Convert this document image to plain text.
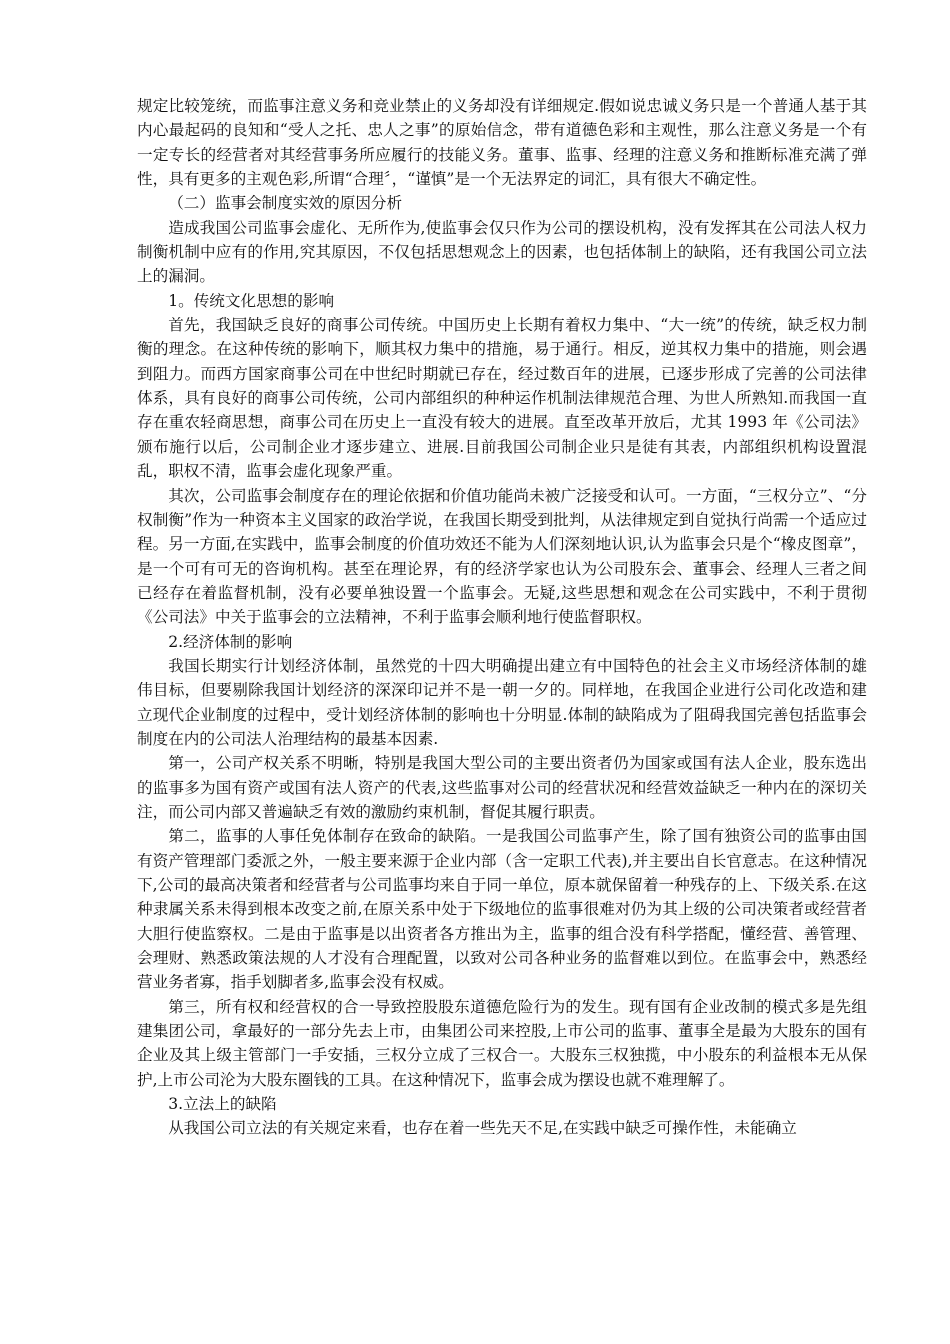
规定比较笼统，而监事注意义务和竞业禁止的义务却没有详细规定.假如说忠诚义务只是一个普通人基于其内心最起码的良知和“受人之托、忠人之事”的原始信念，带有道德色彩和主观性，那么注意义务是一个有一定专长的经营者对其经营事务所应履行的技能义务。董事、监事、经理的注意义务和推断标准充满了弹性，具有更多的主观色彩,所谓“合理〞，“谨慎”是一个无法界定的词汇，具有很大不确定性。

（二）监事会制度实效的原因分析

造成我国公司监事会虚化、无所作为,使监事会仅只作为公司的摆设机构，没有发挥其在公司法人权力制衡机制中应有的作用,究其原因，不仅包括思想观念上的因素，也包括体制上的缺陷，还有我国公司立法上的漏洞。

1。传统文化思想的影响

首先，我国缺乏良好的商事公司传统。中国历史上长期有着权力集中、“大一统”的传统，缺乏权力制衡的理念。在这种传统的影响下，顺其权力集中的措施，易于通行。相反，逆其权力集中的措施，则会遇到阻力。而西方国家商事公司在中世纪时期就已存在，经过数百年的进展，已逐步形成了完善的公司法律体系，具有良好的商事公司传统，公司内部组织的种种运作机制法律规范合理、为世人所熟知.而我国一直存在重农轻商思想，商事公司在历史上一直没有较大的进展。直至改革开放后，尤其 1993 年《公司法》颁布施行以后，公司制企业才逐步建立、进展.目前我国公司制企业只是徒有其表，内部组织机构设置混乱，职权不清，监事会虚化现象严重。

其次，公司监事会制度存在的理论依据和价值功能尚未被广泛接受和认可。一方面，“三权分立”、“分权制衡”作为一种资本主义国家的政治学说，在我国长期受到批判，从法律规定到自觉执行尚需一个适应过程。另一方面,在实践中，监事会制度的价值功效还不能为人们深刻地认识,认为监事会只是个“橡皮图章”，是一个可有可无的咨询机构。甚至在理论界，有的经济学家也认为公司股东会、董事会、经理人三者之间已经存在着监督机制，没有必要单独设置一个监事会。无疑,这些思想和观念在公司实践中，不利于贯彻《公司法》中关于监事会的立法精神，不利于监事会顺利地行使监督职权。

2.经济体制的影响

我国长期实行计划经济体制，虽然党的十四大明确提出建立有中国特色的社会主义市场经济体制的雄伟目标，但要剔除我国计划经济的深深印记并不是一朝一夕的。同样地，在我国企业进行公司化改造和建立现代企业制度的过程中，受计划经济体制的影响也十分明显.体制的缺陷成为了阻碍我国完善包括监事会制度在内的公司法人治理结构的最基本因素.

第一，公司产权关系不明晰，特别是我国大型公司的主要出资者仍为国家或国有法人企业，股东选出的监事多为国有资产或国有法人资产的代表,这些监事对公司的经营状况和经营效益缺乏一种内在的深切关注，而公司内部又普遍缺乏有效的激励约束机制，督促其履行职责。

第二，监事的人事任免体制存在致命的缺陷。一是我国公司监事产生，除了国有独资公司的监事由国有资产管理部门委派之外，一般主要来源于企业内部（含一定职工代表),并主要出自长官意志。在这种情况下,公司的最高决策者和经营者与公司监事均来自于同一单位，原本就保留着一种残存的上、下级关系.在这种隶属关系未得到根本改变之前,在原关系中处于下级地位的监事很难对仍为其上级的公司决策者或经营者大胆行使监察权。二是由于监事是以出资者各方推出为主，监事的组合没有科学搭配，懂经营、善管理、会理财、熟悉政策法规的人才没有合理配置，以致对公司各种业务的监督难以到位。在监事会中，熟悉经营业务者寡，指手划脚者多,监事会没有权威。

第三，所有权和经营权的合一导致控股股东道德危险行为的发生。现有国有企业改制的模式多是先组建集团公司，拿最好的一部分先去上市，由集团公司来控股,上市公司的监事、董事全是最为大股东的国有企业及其上级主管部门一手安插，三权分立成了三权合一。大股东三权独揽，中小股东的利益根本无从保护,上市公司沦为大股东圈钱的工具。在这种情况下，监事会成为摆设也就不难理解了。

3.立法上的缺陷

从我国公司立法的有关规定来看，也存在着一些先天不足,在实践中缺乏可操作性，未能确立
